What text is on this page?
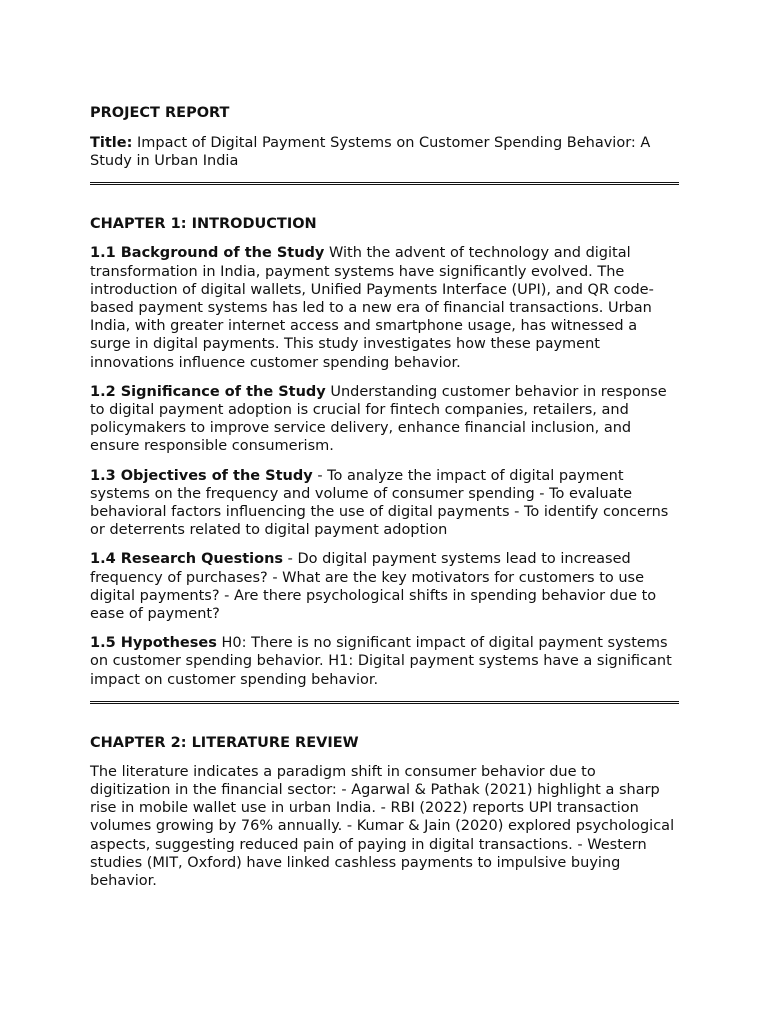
PROJECT REPORT

Title: Impact of Digital Payment Systems on Customer Spending Behavior: A Study in Urban India

CHAPTER 1: INTRODUCTION

1.1 Background of the Study With the advent of technology and digital transformation in India, payment systems have significantly evolved. The introduction of digital wallets, Unified Payments Interface (UPI), and QR code-based payment systems has led to a new era of financial transactions. Urban India, with greater internet access and smartphone usage, has witnessed a surge in digital payments. This study investigates how these payment innovations influence customer spending behavior.

1.2 Significance of the Study Understanding customer behavior in response to digital payment adoption is crucial for fintech companies, retailers, and policymakers to improve service delivery, enhance financial inclusion, and ensure responsible consumerism.

1.3 Objectives of the Study - To analyze the impact of digital payment systems on the frequency and volume of consumer spending - To evaluate behavioral factors influencing the use of digital payments - To identify concerns or deterrents related to digital payment adoption

1.4 Research Questions - Do digital payment systems lead to increased frequency of purchases? - What are the key motivators for customers to use digital payments? - Are there psychological shifts in spending behavior due to ease of payment?

1.5 Hypotheses H0: There is no significant impact of digital payment systems on customer spending behavior. H1: Digital payment systems have a significant impact on customer spending behavior.

CHAPTER 2: LITERATURE REVIEW

The literature indicates a paradigm shift in consumer behavior due to digitization in the financial sector: - Agarwal & Pathak (2021) highlight a sharp rise in mobile wallet use in urban India. - RBI (2022) reports UPI transaction volumes growing by 76% annually. - Kumar & Jain (2020) explored psychological aspects, suggesting reduced pain of paying in digital transactions. - Western studies (MIT, Oxford) have linked cashless payments to impulsive buying behavior.
